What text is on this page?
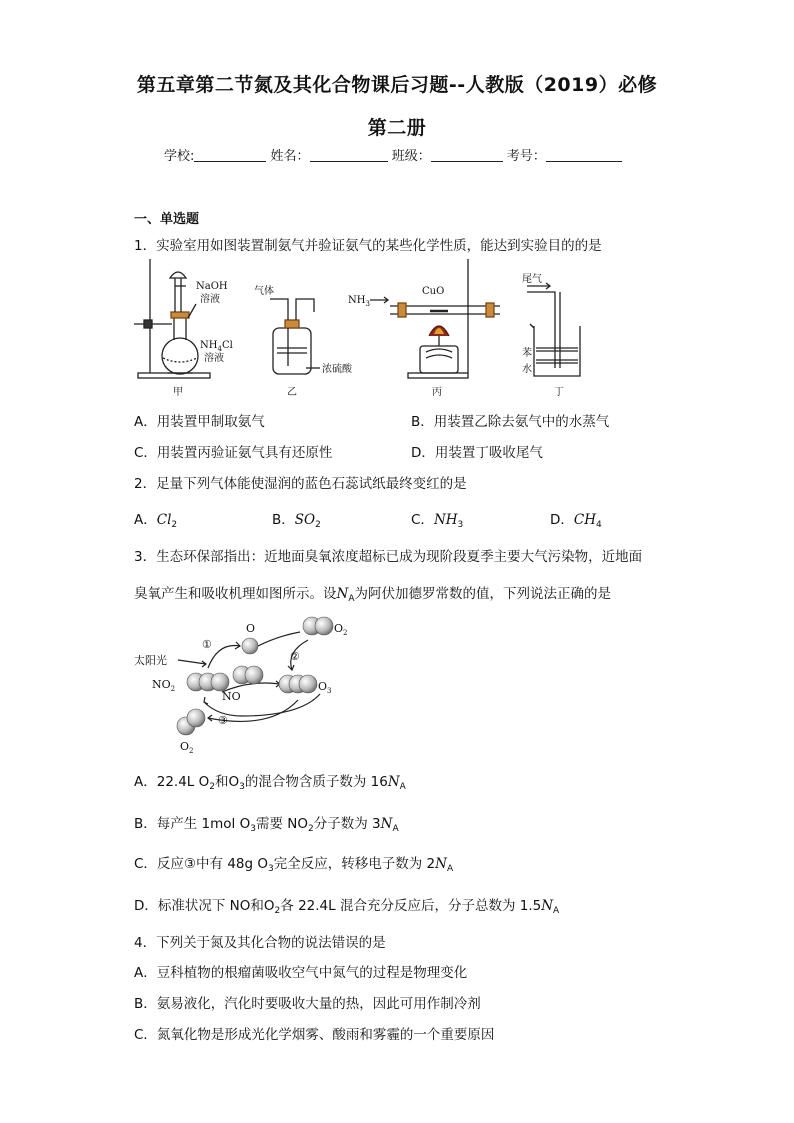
第五章第二节氮及其化合物课后习题--人教版（2019）必修
第二册
学校:	姓名：	班级：	考号：
一、单选题
1．实验室用如图装置制氨气并验证氨气的某些化学性质，能达到实验目的的是
NaOH
溶液
$NH_4Cl$
溶液
甲
气体
浓硫酸
乙
$NH_3$
CuO
丙
尾气
苯
水
丁
A．用装置甲制取氨气	B．用装置乙除去氨气中的水蒸气
C．用装置丙验证氨气具有还原性	D．用装置丁吸收尾气
2．足量下列气体能使湿润的蓝色石蕊试纸最终变红的是
A．$Cl_2$	B．$SO_2$	C．$NH_3$	D．$CH_4$
3．生态环保部指出：近地面臭氧浓度超标已成为现阶段夏季主要大气污染物，近地面
臭氧产生和吸收机理如图所示。设$N_A$为阿伏加德罗常数的值，下列说法正确的是
太阳光
①
②
③
O	$O_2$
$NO_2$
NO
$O_3$
$O_2$
A．22.4L $O_2$和$O_3$的混合物含质子数为 $16N_A$
B．每产生 1mol $O_3$需要 $NO_2$分子数为 $3N_A$
C．反应③中有 48g $O_3$完全反应，转移电子数为 $2N_A$
D．标准状况下 NO和$O_2$各 22.4L 混合充分反应后，分子总数为 $1.5N_A$
4．下列关于氮及其化合物的说法错误的是
A．豆科植物的根瘤菌吸收空气中氮气的过程是物理变化
B．氨易液化，汽化时要吸收大量的热，因此可用作制冷剂
C．氮氧化物是形成光化学烟雾、酸雨和雾霾的一个重要原因
